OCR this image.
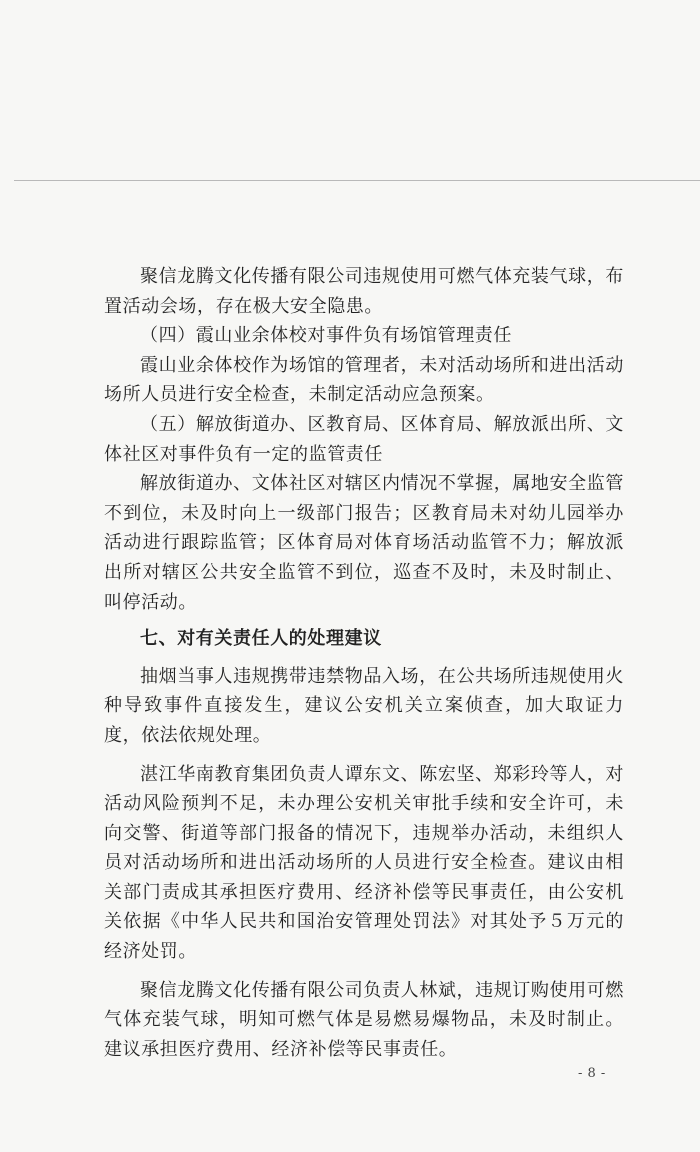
聚信龙腾文化传播有限公司违规使用可燃气体充装气球，布置活动会场，存在极大安全隐患。

（四）霞山业余体校对事件负有场馆管理责任

霞山业余体校作为场馆的管理者，未对活动场所和进出活动场所人员进行安全检查，未制定活动应急预案。

（五）解放街道办、区教育局、区体育局、解放派出所、文体社区对事件负有一定的监管责任

解放街道办、文体社区对辖区内情况不掌握，属地安全监管不到位，未及时向上一级部门报告；区教育局未对幼儿园举办活动进行跟踪监管；区体育局对体育场活动监管不力；解放派出所对辖区公共安全监管不到位，巡查不及时，未及时制止、叫停活动。

七、对有关责任人的处理建议

抽烟当事人违规携带违禁物品入场，在公共场所违规使用火种导致事件直接发生，建议公安机关立案侦查，加大取证力度，依法依规处理。

湛江华南教育集团负责人谭东文、陈宏坚、郑彩玲等人，对活动风险预判不足，未办理公安机关审批手续和安全许可，未向交警、街道等部门报备的情况下，违规举办活动，未组织人员对活动场所和进出活动场所的人员进行安全检查。建议由相关部门责成其承担医疗费用、经济补偿等民事责任，由公安机关依据《中华人民共和国治安管理处罚法》对其处予５万元的经济处罚。

聚信龙腾文化传播有限公司负责人林斌，违规订购使用可燃气体充装气球，明知可燃气体是易燃易爆物品，未及时制止。建议承担医疗费用、经济补偿等民事责任。

- 8 -
